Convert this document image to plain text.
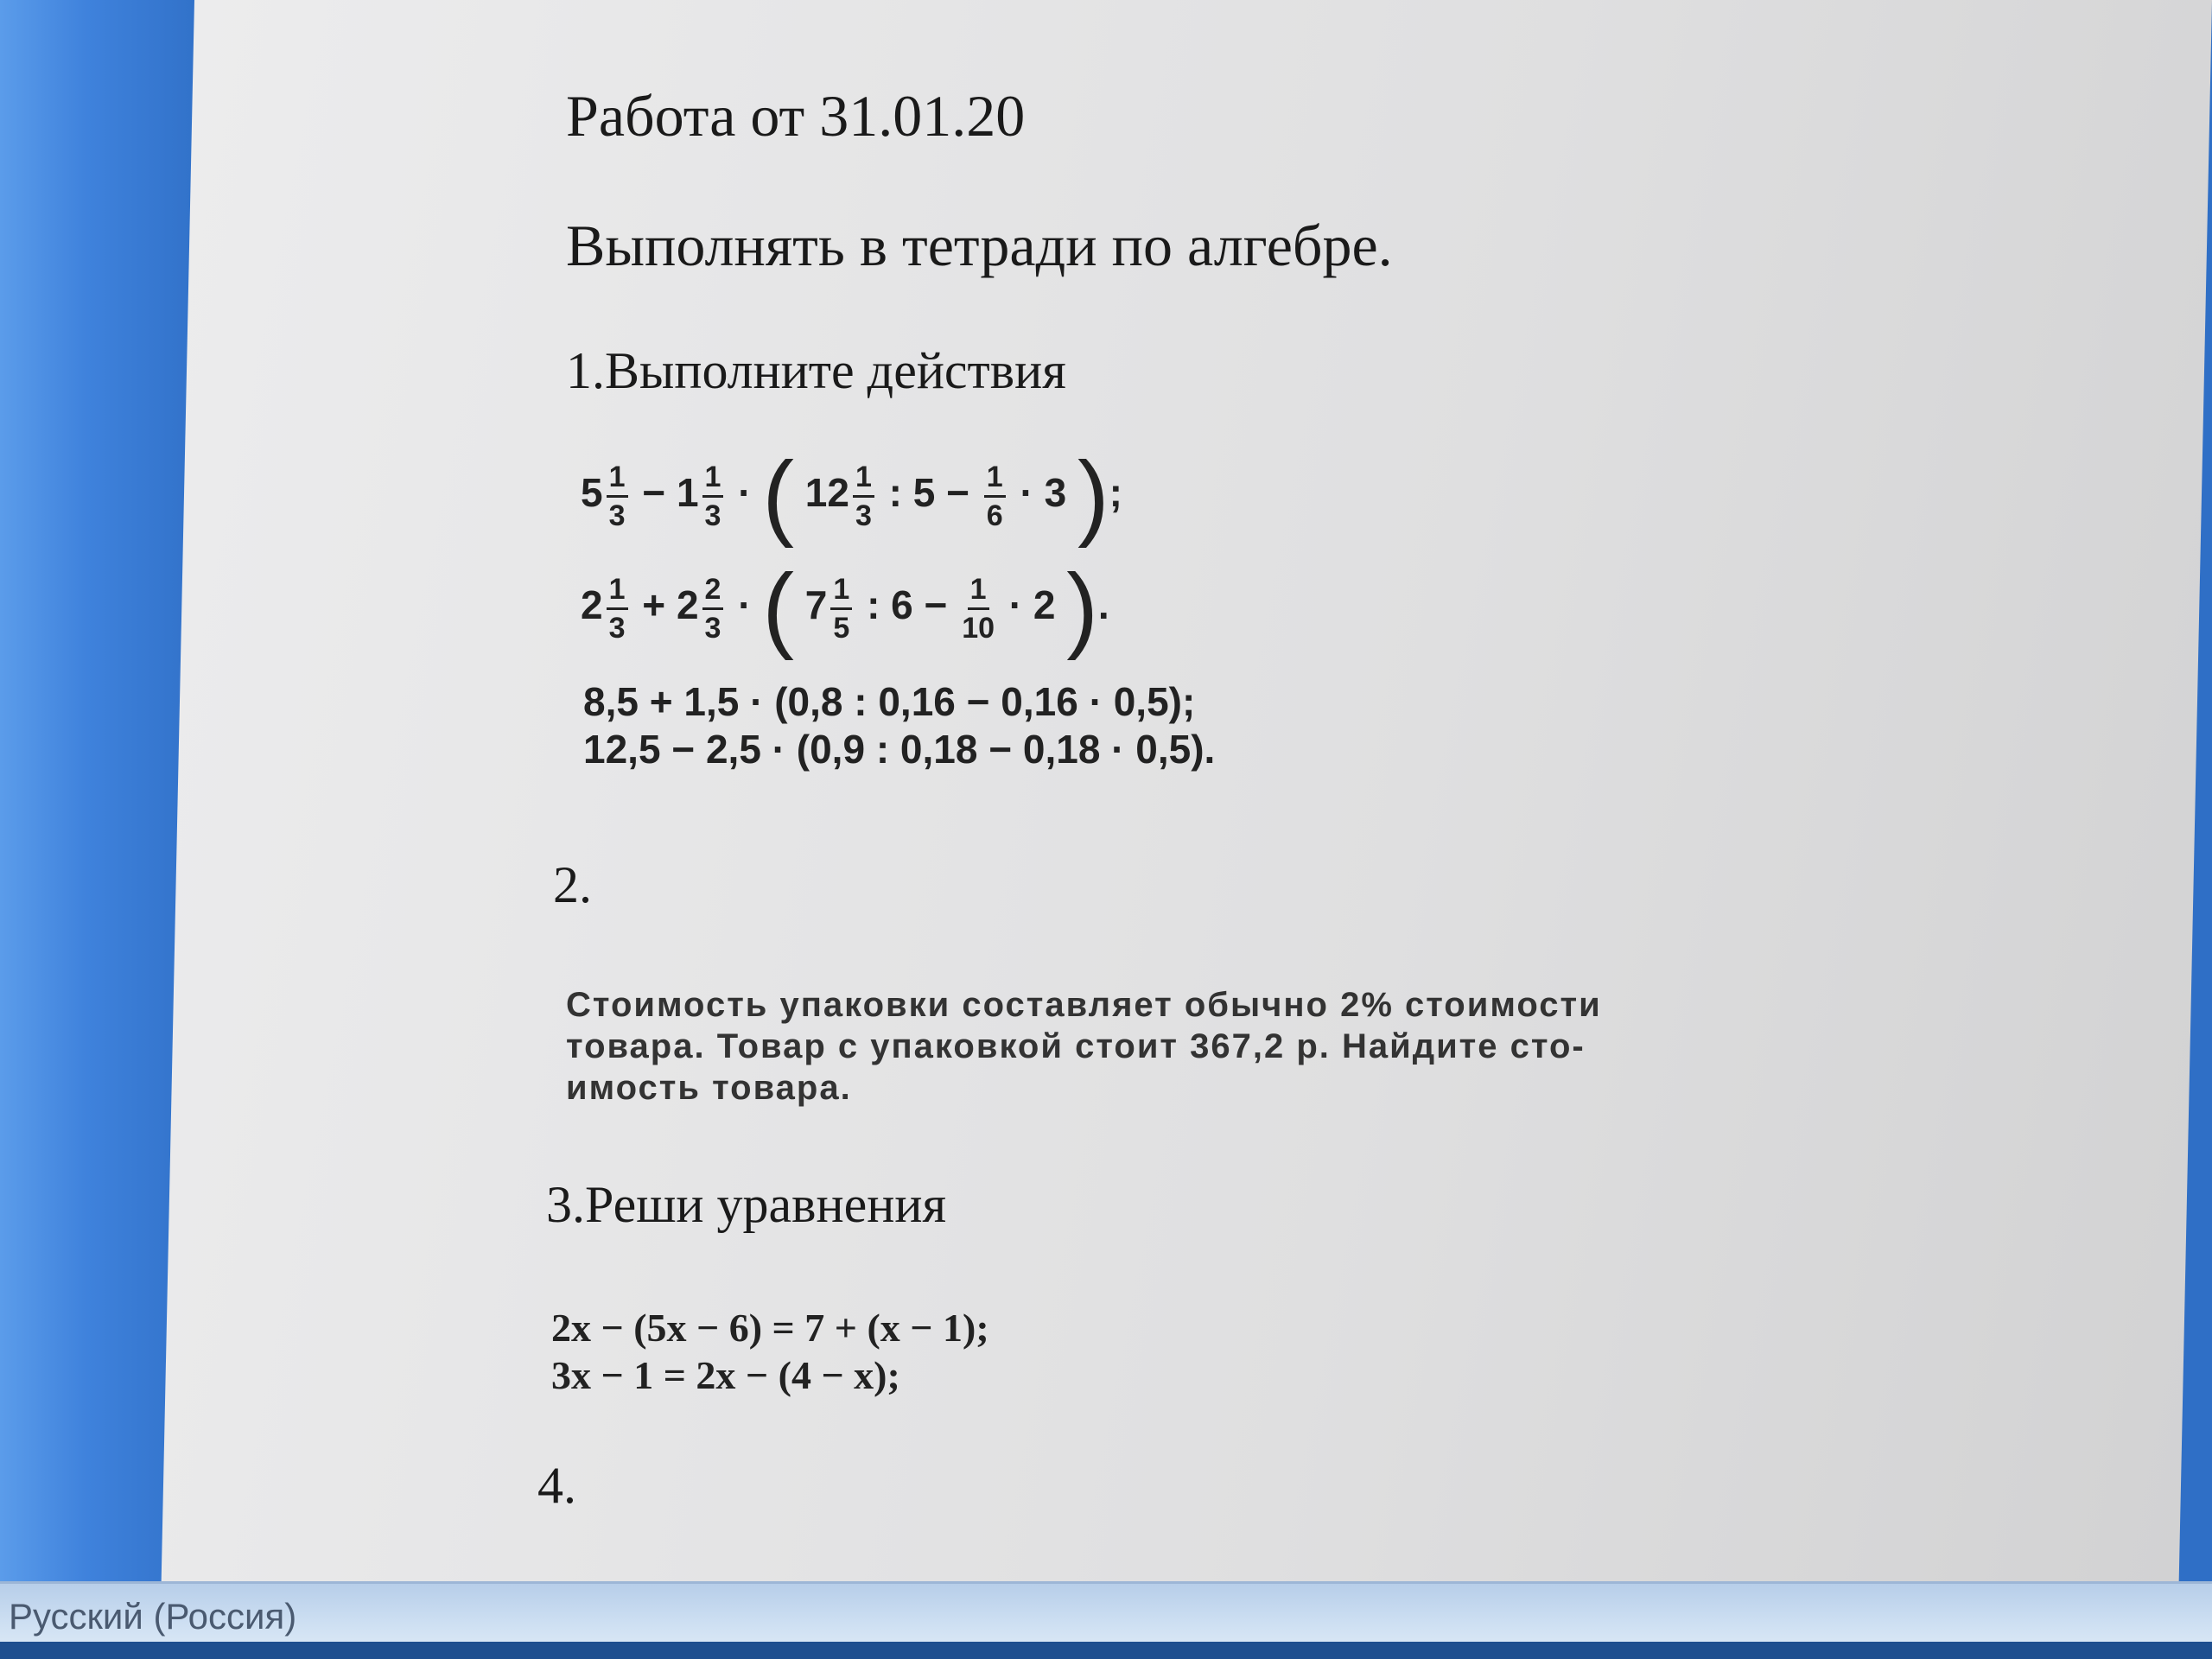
Работа от 31.01.20
Выполнять в тетради по алгебре.
1.Выполните действия
$5 \frac{1}{3} - 1 \frac{1}{3}$ · ( $12 \frac{1}{3}$ : $5 - \frac{1}{6} \cdot 3$ );
$2 \frac{1}{3} + 2 \frac{2}{3}$ · ( $7 \frac{1}{5}$ : $6 - \frac{1}{10} \cdot 2$ ).
8,5 + 1,5 · (0,8 : 0,16 − 0,16 · 0,5);
12,5 − 2,5 · (0,9 : 0,18 − 0,18 · 0,5).
2.
Стоимость упаковки составляет обычно 2% стоимости
товара. Товар с упаковкой стоит 367,2 р. Найдите сто-
имость товара.
3.Реши уравнения
2x − (5x − 6) = 7 + (x − 1);
3x − 1 = 2x − (4 − x);
4.
Русский (Россия)
